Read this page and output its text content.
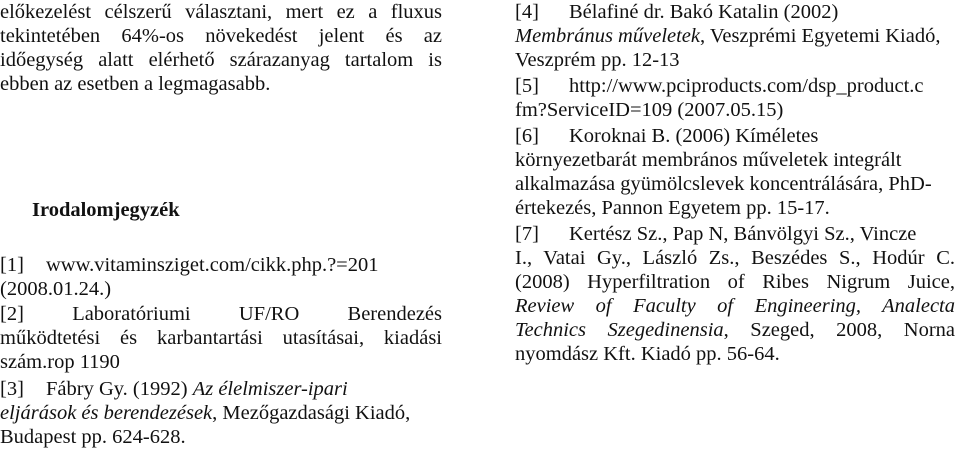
előkezelést célszerű választani, mert ez a fluxus
tekintetében 64%-os növekedést jelent és az
időegység alatt elérhető szárazanyag tartalom is
ebben az esetben a legmagasabb.
Irodalomjegyzék
[1] www.vitaminsziget.com/cikk.php.?=201
(2008.01.24.)
[2] Laboratóriumi UF/RO Berendezés
működtetési és karbantartási utasításai, kiadási
szám.rop 1190
[3] Fábry Gy. (1992) Az élelmiszer-ipari
eljárások és berendezések, Mezőgazdasági Kiadó,
Budapest pp. 624-628.
[4] Bélafiné dr. Bakó Katalin (2002)
Membránus műveletek, Veszprémi Egyetemi Kiadó,
Veszprém pp. 12-13
[5] http://www.pciproducts.com/dsp_product.c
fm?ServiceID=109 (2007.05.15)
[6] Koroknai B. (2006) Kíméletes
környezetbarát membrános műveletek integrált
alkalmazása gyümölcslevek koncentrálására, PhD-
értekezés, Pannon Egyetem pp. 15-17.
[7] Kertész Sz., Pap N, Bánvölgyi Sz., Vincze
I., Vatai Gy., László Zs., Beszédes S., Hodúr C.
(2008) Hyperfiltration of Ribes Nigrum Juice,
Review of Faculty of Engineering, Analecta
Technics Szegedinensia, Szeged, 2008, Norna
nyomdász Kft. Kiadó pp. 56-64.
